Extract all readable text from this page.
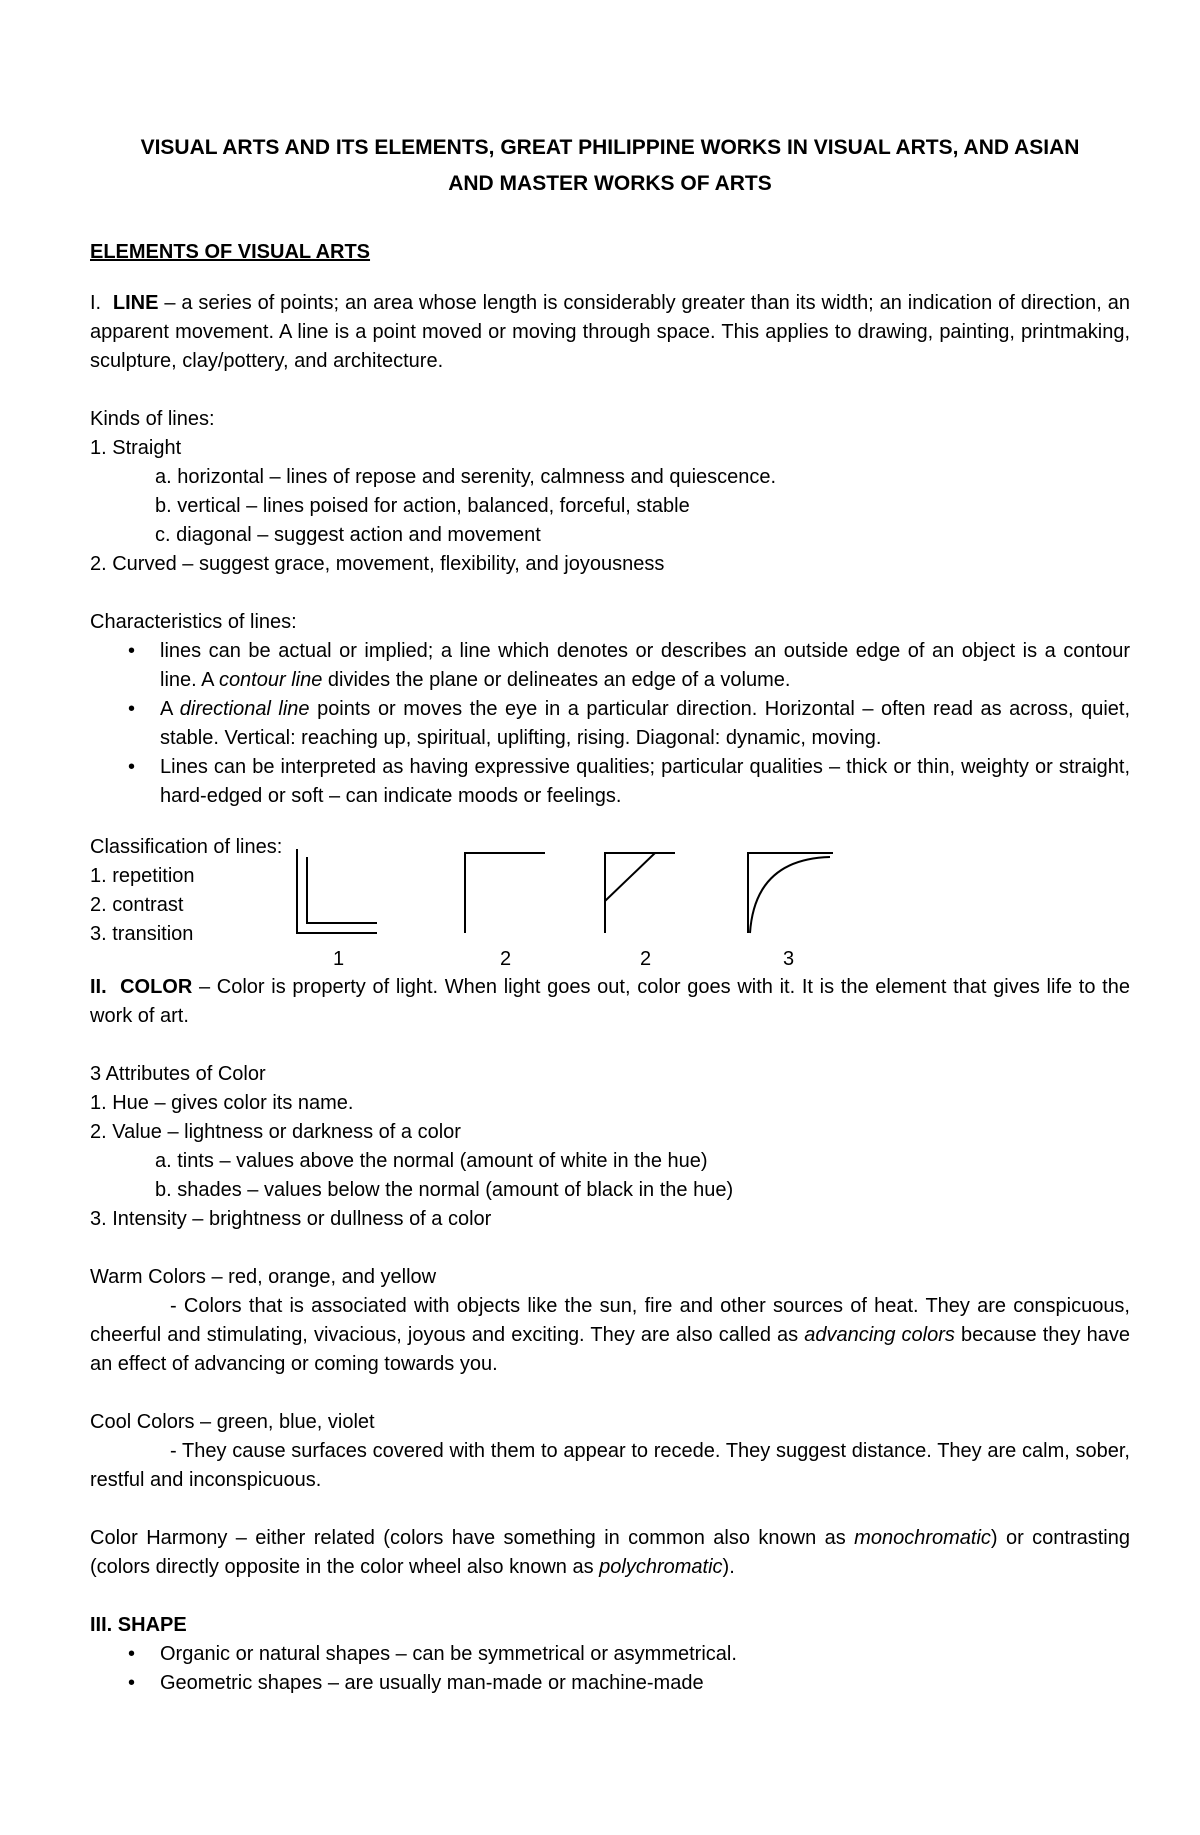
VISUAL ARTS AND ITS ELEMENTS, GREAT PHILIPPINE WORKS IN VISUAL ARTS, AND ASIAN
AND MASTER WORKS OF ARTS

ELEMENTS OF VISUAL ARTS

I. LINE – a series of points; an area whose length is considerably greater than its width; an indication of direction, an apparent movement. A line is a point moved or moving through space. This applies to drawing, painting, printmaking, sculpture, clay/pottery, and architecture.

Kinds of lines:

1. Straight

a. horizontal – lines of repose and serenity, calmness and quiescence.

b. vertical – lines poised for action, balanced, forceful, stable

c. diagonal – suggest action and movement

2. Curved – suggest grace, movement, flexibility, and joyousness

Characteristics of lines:

• lines can be actual or implied; a line which denotes or describes an outside edge of an object is a contour line. A contour line divides the plane or delineates an edge of a volume.
• A directional line points or moves the eye in a particular direction. Horizontal – often read as across, quiet, stable. Vertical: reaching up, spiritual, uplifting, rising. Diagonal: dynamic, moving.
• Lines can be interpreted as having expressive qualities; particular qualities – thick or thin, weighty or straight, hard-edged or soft – can indicate moods or feelings.

Classification of lines:

1. repetition

2. contrast

3. transition

1	2	2	3

II. COLOR – Color is property of light. When light goes out, color goes with it. It is the element that gives life to the work of art.

3 Attributes of Color

1. Hue – gives color its name.

2. Value – lightness or darkness of a color

a. tints – values above the normal (amount of white in the hue)

b. shades – values below the normal (amount of black in the hue)

3. Intensity – brightness or dullness of a color

Warm Colors – red, orange, and yellow

- Colors that is associated with objects like the sun, fire and other sources of heat. They are conspicuous, cheerful and stimulating, vivacious, joyous and exciting. They are also called as advancing colors because they have an effect of advancing or coming towards you.

Cool Colors – green, blue, violet

- They cause surfaces covered with them to appear to recede. They suggest distance. They are calm, sober, restful and inconspicuous.

Color Harmony – either related (colors have something in common also known as monochromatic) or contrasting (colors directly opposite in the color wheel also known as polychromatic).

III. SHAPE

• Organic or natural shapes – can be symmetrical or asymmetrical.
• Geometric shapes – are usually man-made or machine-made
